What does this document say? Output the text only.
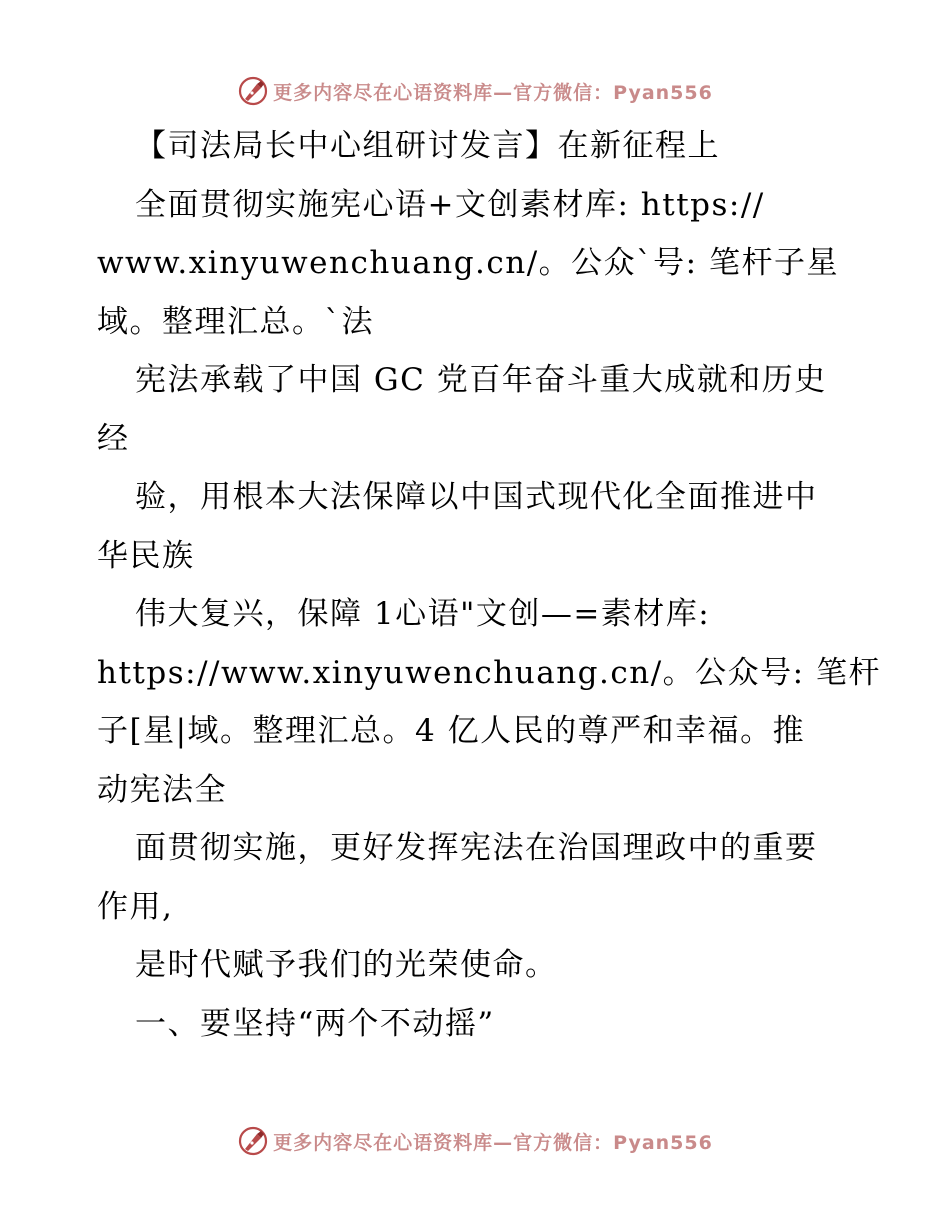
更多内容尽在心语资料库—官方微信：Pyan556
【司法局长中心组研讨发言】在新征程上
全面贯彻实施宪心语+文创素材库: https://
www.xinyuwenchuang.cn/。公众`号: 笔杆子星
域。整理汇总。`法
宪法承载了中国 GC 党百年奋斗重大成就和历史
经
验，用根本大法保障以中国式现代化全面推进中
华民族
伟大复兴，保障 1心语"文创—=素材库:
https://www.xinyuwenchuang.cn/。公众号: 笔杆
子[星|域。整理汇总。4 亿人民的尊严和幸福。推
动宪法全
面贯彻实施，更好发挥宪法在治国理政中的重要
作用,
是时代赋予我们的光荣使命。
一、要坚持“两个不动摇”
更多内容尽在心语资料库—官方微信：Pyan556
